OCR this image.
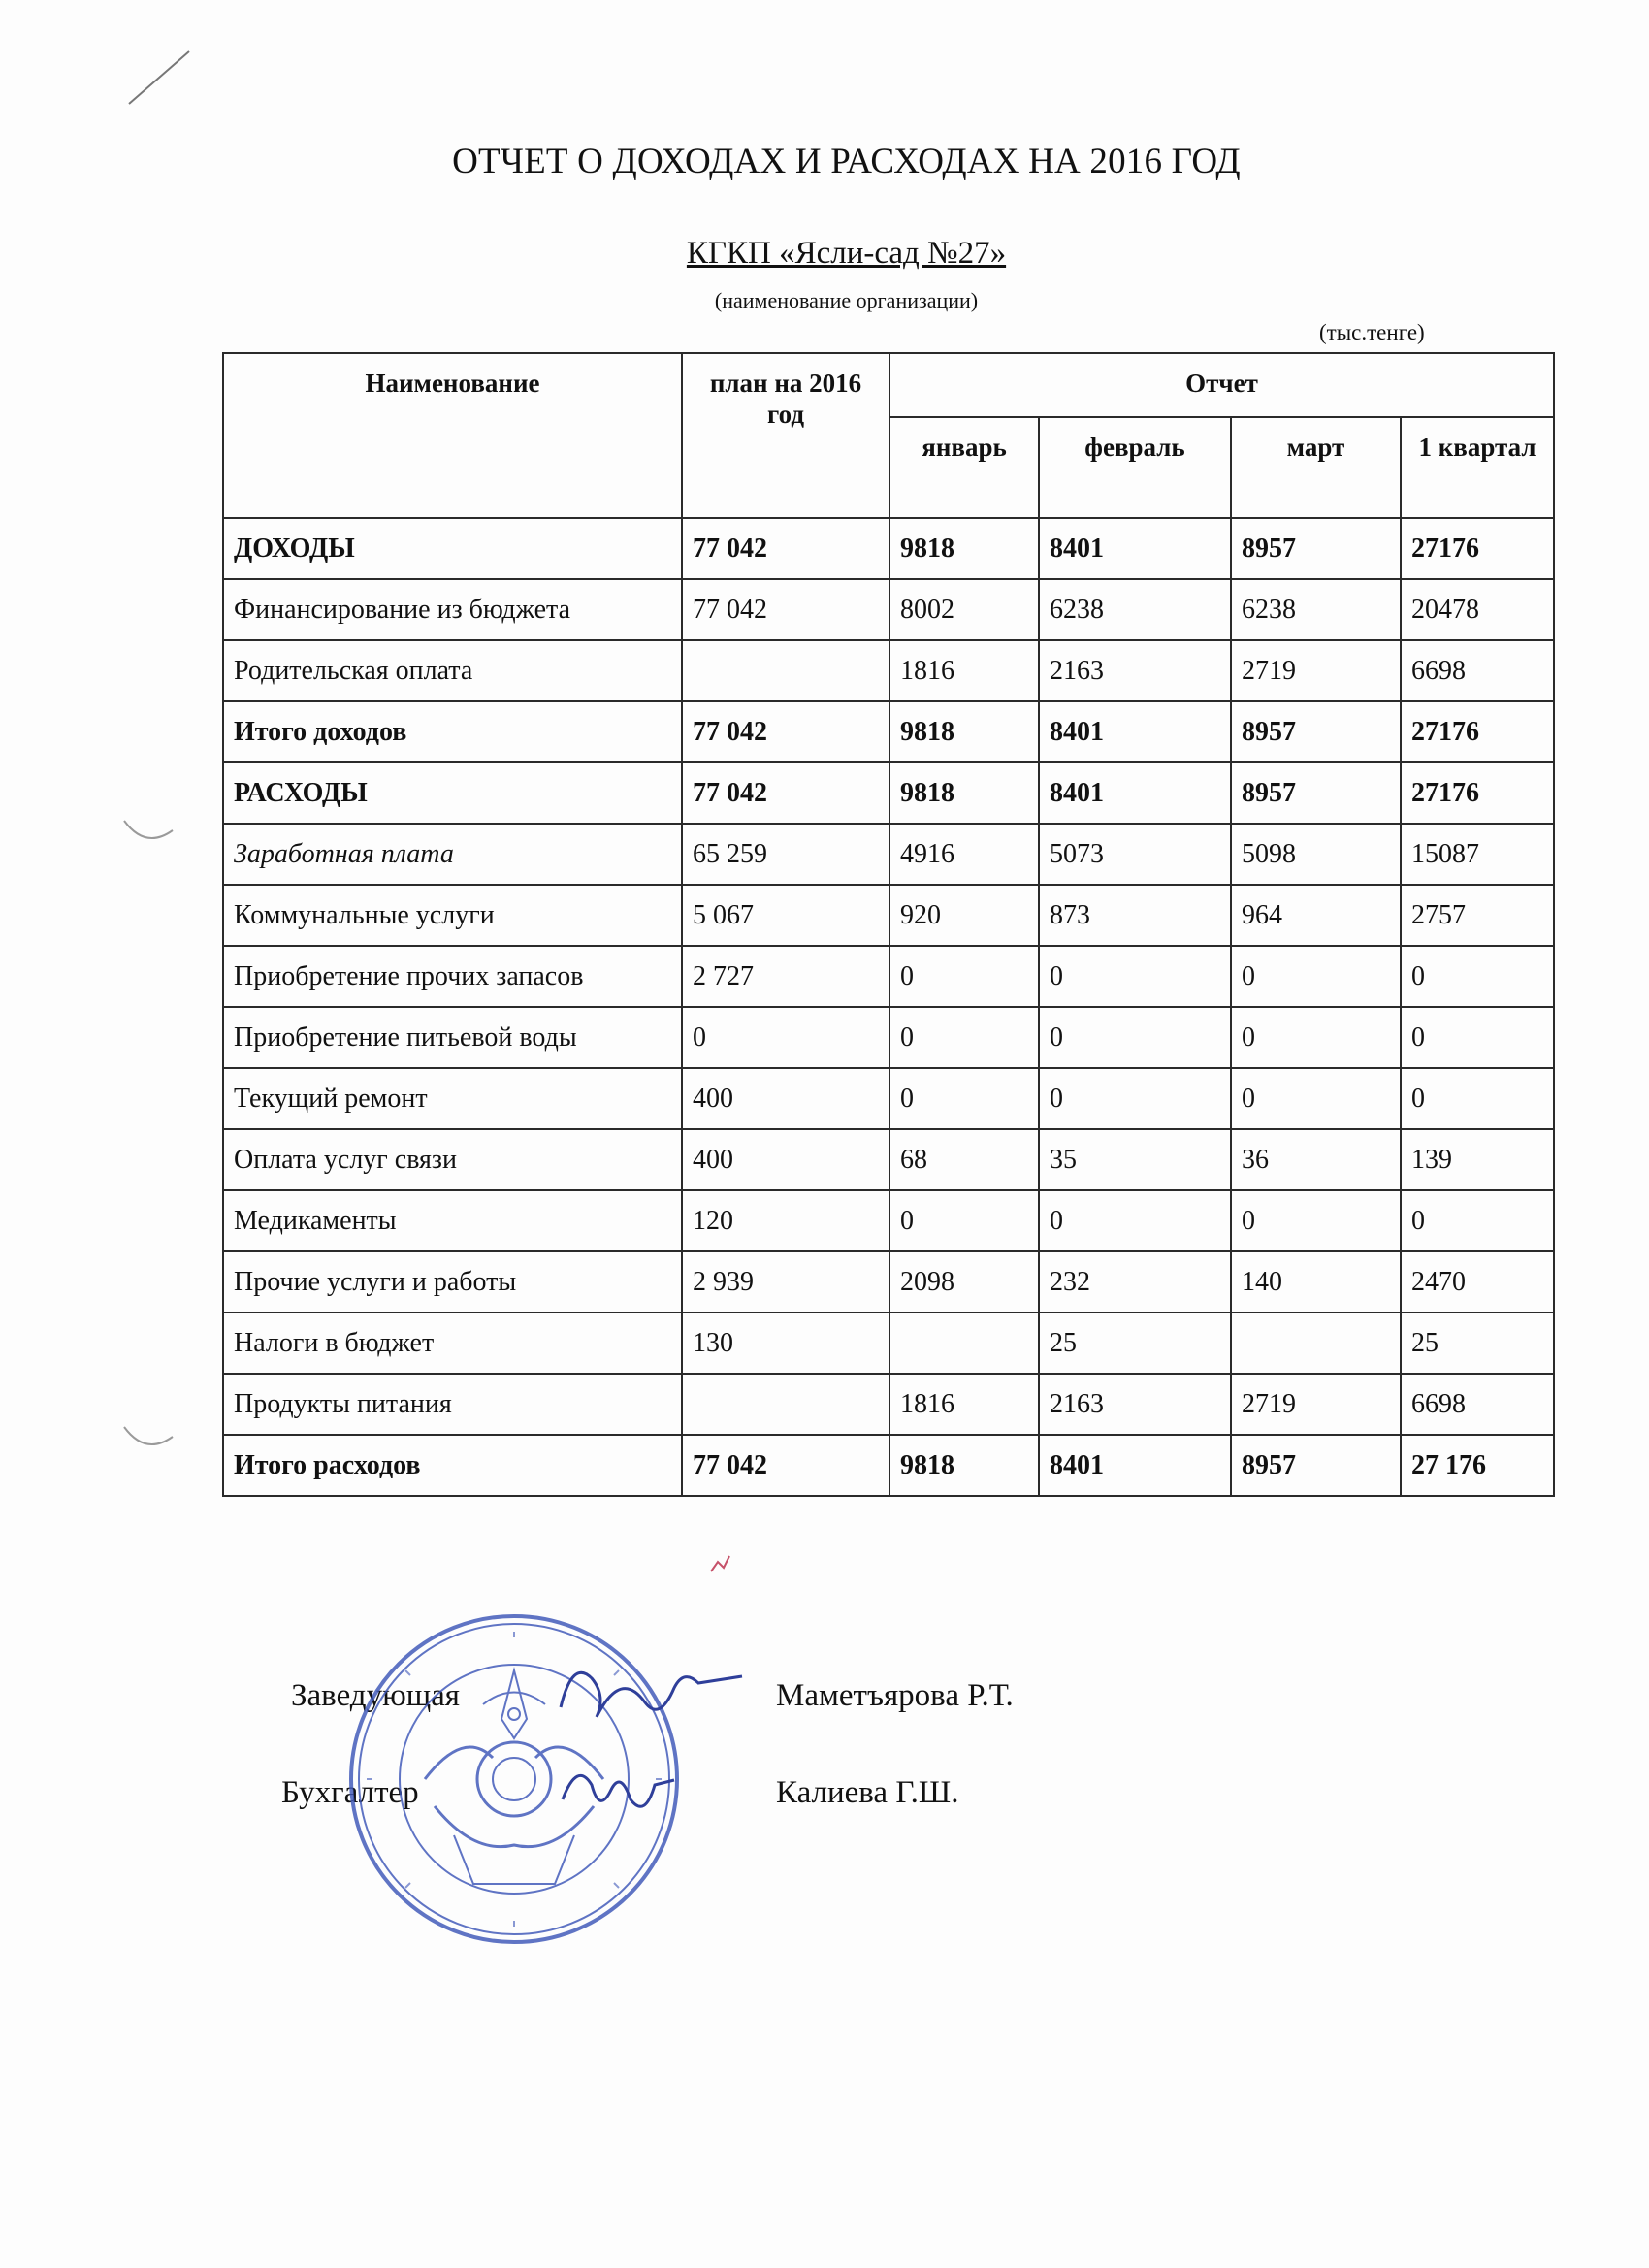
ОТЧЕТ О ДОХОДАХ И РАСХОДАХ НА 2016 ГОД
КГКП «Ясли-сад №27»
(наименование организации)
(тыс.тенге)
Наименование	план на 2016 год	Отчет			
		январь	февраль	март	1 квартал
ДОХОДЫ	77 042	9818	8401	8957	27176
Финансирование из бюджета	77 042	8002	6238	6238	20478
Родительская оплата		1816	2163	2719	6698
Итого доходов	77 042	9818	8401	8957	27176
РАСХОДЫ	77 042	9818	8401	8957	27176
Заработная плата	65 259	4916	5073	5098	15087
Коммунальные услуги	5 067	920	873	964	2757
Приобретение прочих запасов	2 727	0	0	0	0
Приобретение питьевой воды	0	0	0	0	0
Текущий ремонт	400	0	0	0	0
Оплата услуг связи	400	68	35	36	139
Медикаменты	120	0	0	0	0
Прочие услуги и работы	2 939	2098	232	140	2470
Налоги в бюджет	130		25		25
Продукты питания		1816	2163	2719	6698
Итого расходов	77 042	9818	8401	8957	27 176
Заведующая	Маметъярова Р.Т.
Бухгалтер	Калиева Г.Ш.
